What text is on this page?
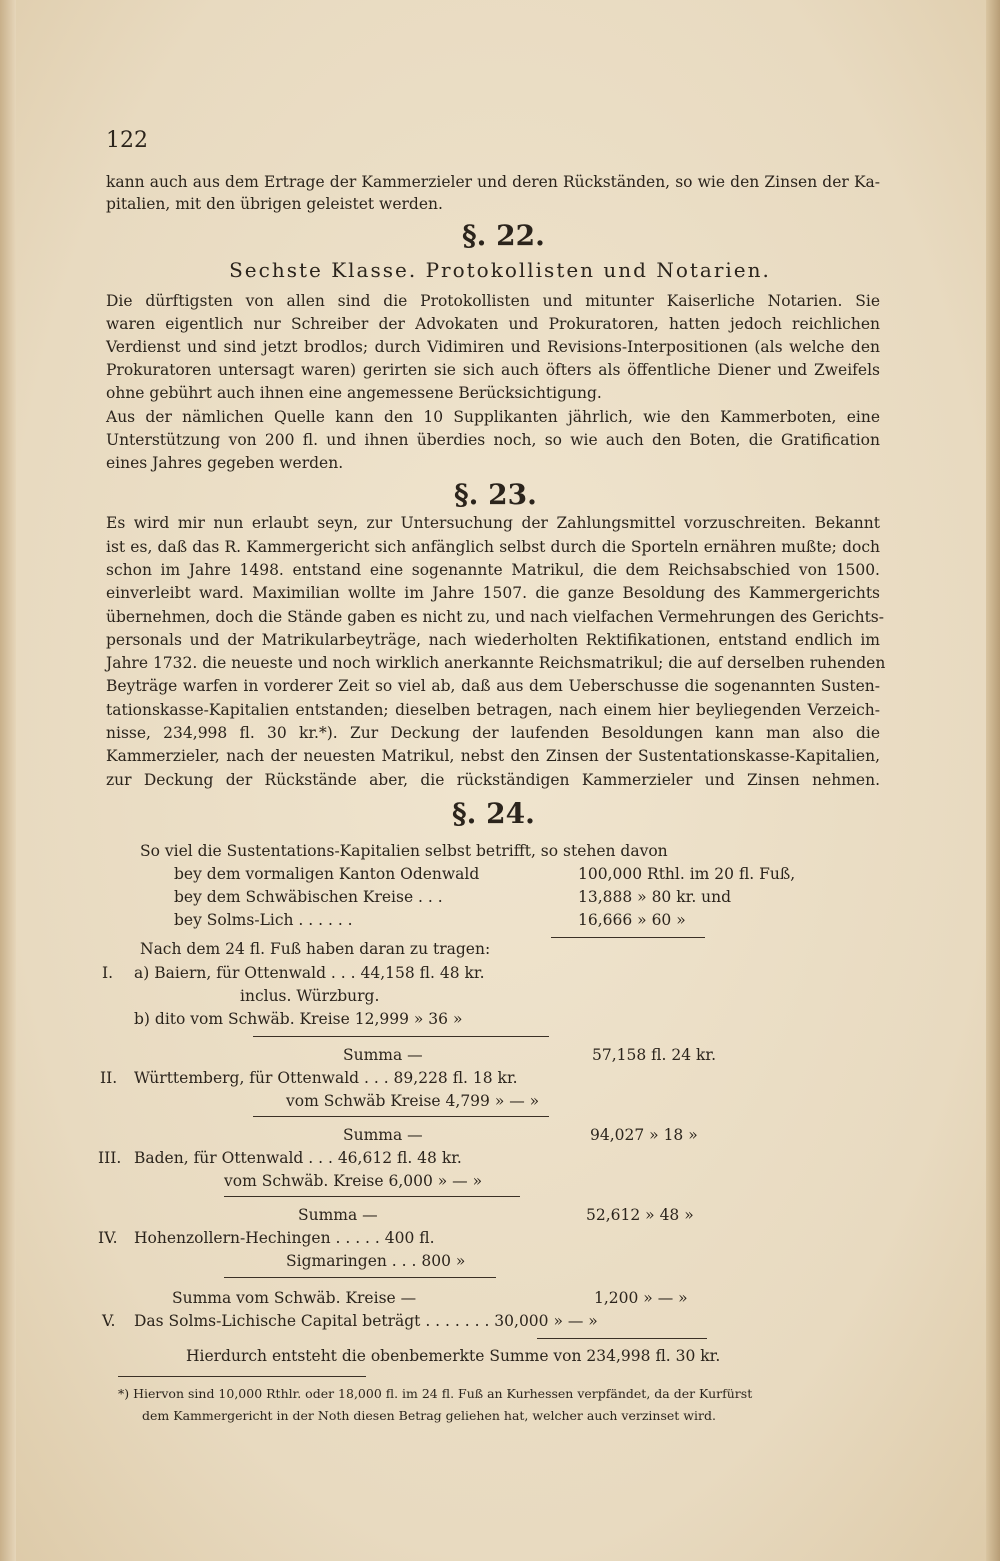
122
kann auch aus dem Ertrage der Kammerzieler und deren Rückständen, so wie den Zinsen der Ka-
pitalien, mit den übrigen geleistet werden.
§. 22.
Sechste Klasse. Protokollisten und Notarien.
Die dürftigsten von allen sind die Protokollisten und mitunter Kaiserliche Notarien. Sie
waren eigentlich nur Schreiber der Advokaten und Prokuratoren, hatten jedoch reichlichen
Verdienst und sind jetzt brodlos; durch Vidimiren und Revisions-Interpositionen (als welche den
Prokuratoren untersagt waren) gerirten sie sich auch öfters als öffentliche Diener und Zweifels
ohne gebührt auch ihnen eine angemessene Berücksichtigung.
Aus der nämlichen Quelle kann den 10 Supplikanten jährlich, wie den Kammerboten, eine
Unterstützung von 200 fl. und ihnen überdies noch, so wie auch den Boten, die Gratification
eines Jahres gegeben werden.
§. 23.
Es wird mir nun erlaubt seyn, zur Untersuchung der Zahlungsmittel vorzuschreiten. Bekannt
ist es, daß das R. Kammergericht sich anfänglich selbst durch die Sporteln ernähren mußte; doch
schon im Jahre 1498. entstand eine sogenannte Matrikul, die dem Reichsabschied von 1500.
einverleibt ward. Maximilian wollte im Jahre 1507. die ganze Besoldung des Kammergerichts
übernehmen, doch die Stände gaben es nicht zu, und nach vielfachen Vermehrungen des Gerichts-
personals und der Matrikularbeyträge, nach wiederholten Rektifikationen, entstand endlich im
Jahre 1732. die neueste und noch wirklich anerkannte Reichsmatrikul; die auf derselben ruhenden
Beyträge warfen in vorderer Zeit so viel ab, daß aus dem Ueberschusse die sogenannten Susten-
tationskasse-Kapitalien entstanden; dieselben betragen, nach einem hier beyliegenden Verzeich-
nisse, 234,998 fl. 30 kr.*). Zur Deckung der laufenden Besoldungen kann man also die
Kammerzieler, nach der neuesten Matrikul, nebst den Zinsen der Sustentationskasse-Kapitalien,
zur Deckung der Rückstände aber, die rückständigen Kammerzieler und Zinsen nehmen.
§. 24.
So viel die Sustentations-Kapitalien selbst betrifft, so stehen davon
bey dem vormaligen Kanton Odenwald	100,000 Rthl. im 20 fl. Fuß,
bey dem Schwäbischen Kreise . . .	13,888 » 80 kr. und
bey Solms-Lich . . . . . .	16,666 » 60 »
Nach dem 24 fl. Fuß haben daran zu tragen:
I. a) Baiern, für Ottenwald . . . 44,158 fl. 48 kr.
inclus. Würzburg.
b) dito vom Schwäb. Kreise 12,999 » 36 »
Summa —	57,158 fl. 24 kr.
II. Württemberg, für Ottenwald . . . 89,228 fl. 18 kr.
vom Schwäb Kreise 4,799 » — »
Summa —	94,027 » 18 »
III. Baden, für Ottenwald . . . 46,612 fl. 48 kr.
vom Schwäb. Kreise 6,000 » — »
Summa —	52,612 » 48 »
IV. Hohenzollern-Hechingen . . . . . 400 fl.
Sigmaringen . . . 800 »
Summa vom Schwäb. Kreise —	1,200 » — »
V. Das Solms-Lichische Capital beträgt . . . . . . . 30,000 » — »
Hierdurch entsteht die obenbemerkte Summe von 234,998 fl. 30 kr.
*) Hiervon sind 10,000 Rthlr. oder 18,000 fl. im 24 fl. Fuß an Kurhessen verpfändet, da der Kurfürst
dem Kammergericht in der Noth diesen Betrag geliehen hat, welcher auch verzinset wird.
